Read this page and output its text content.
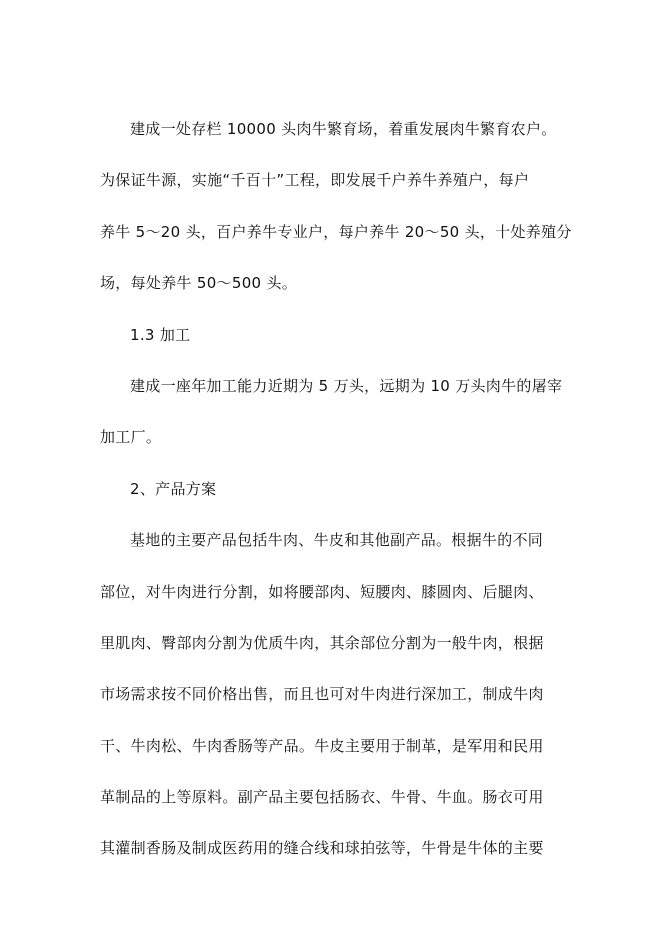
建成一处存栏 10000 头肉牛繁育场，着重发展肉牛繁育农户。
为保证牛源，实施“千百十”工程，即发展千户养牛养殖户，每户
养牛 5～20 头，百户养牛专业户，每户养牛 20～50 头，十处养殖分
场，每处养牛 50～500 头。
1.3 加工
建成一座年加工能力近期为 5 万头，远期为 10 万头肉牛的屠宰
加工厂。
2、产品方案
基地的主要产品包括牛肉、牛皮和其他副产品。根据牛的不同
部位，对牛肉进行分割，如将腰部肉、短腰肉、膝圆肉、后腿肉、
里肌肉、臀部肉分割为优质牛肉，其余部位分割为一般牛肉，根据
市场需求按不同价格出售，而且也可对牛肉进行深加工，制成牛肉
干、牛肉松、牛肉香肠等产品。牛皮主要用于制革，是军用和民用
革制品的上等原料。副产品主要包括肠衣、牛骨、牛血。肠衣可用
其灌制香肠及制成医药用的缝合线和球拍弦等，牛骨是牛体的主要
